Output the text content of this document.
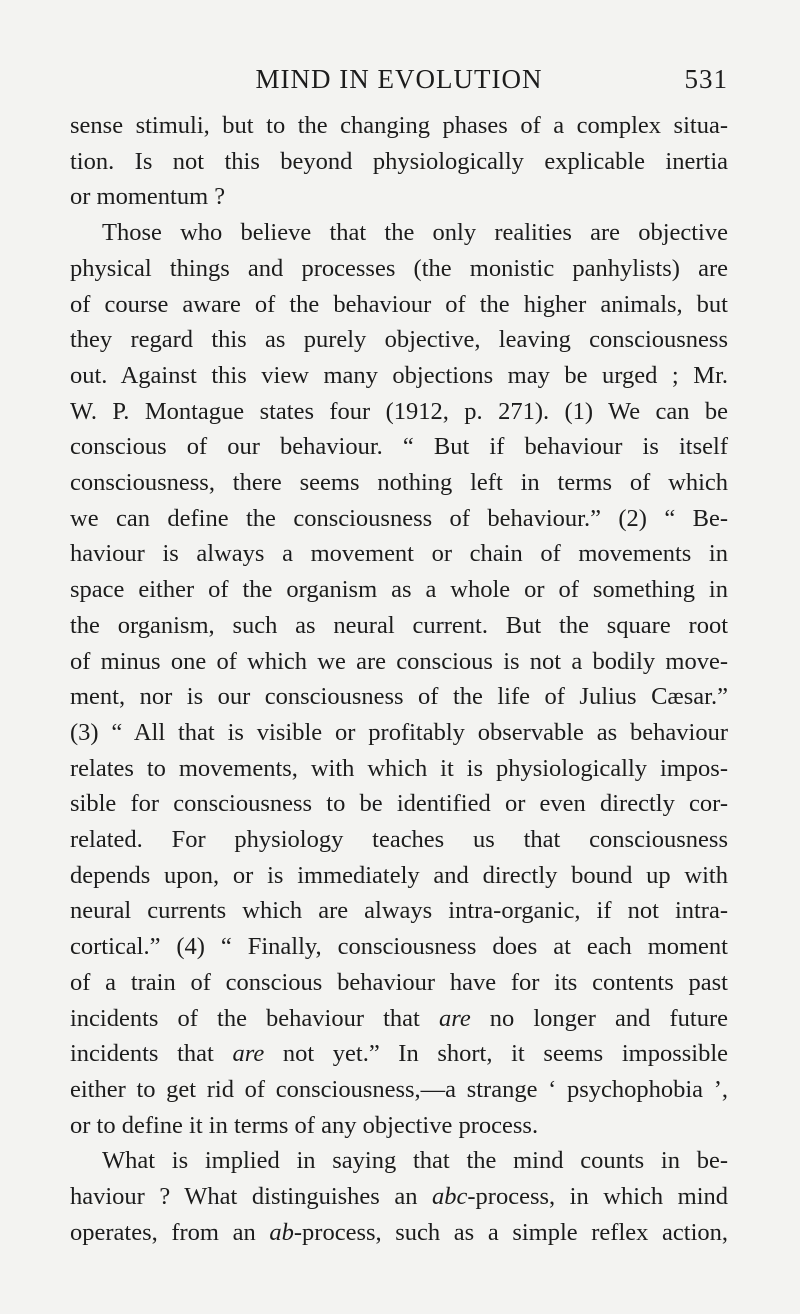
MIND IN EVOLUTION	531
sense stimuli, but to the changing phases of a complex situa-
tion. Is not this beyond physiologically explicable inertia
or momentum ?
Those who believe that the only realities are objective
physical things and processes (the monistic panhylists) are
of course aware of the behaviour of the higher animals, but
they regard this as purely objective, leaving consciousness
out. Against this view many objections may be urged ; Mr.
W. P. Montague states four (1912, p. 271). (1) We can be
conscious of our behaviour. “ But if behaviour is itself
consciousness, there seems nothing left in terms of which
we can define the consciousness of behaviour.” (2) “ Be-
haviour is always a movement or chain of movements in
space either of the organism as a whole or of something in
the organism, such as neural current. But the square root
of minus one of which we are conscious is not a bodily move-
ment, nor is our consciousness of the life of Julius Cæsar.”
(3) “ All that is visible or profitably observable as behaviour
relates to movements, with which it is physiologically impos-
sible for consciousness to be identified or even directly cor-
related. For physiology teaches us that consciousness
depends upon, or is immediately and directly bound up with
neural currents which are always intra-organic, if not intra-
cortical.” (4) “ Finally, consciousness does at each moment
of a train of conscious behaviour have for its contents past
incidents of the behaviour that are no longer and future
incidents that are not yet.” In short, it seems impossible
either to get rid of consciousness,—a strange ‘ psychophobia ’,
or to define it in terms of any objective process.
What is implied in saying that the mind counts in be-
haviour ? What distinguishes an abc-process, in which mind
operates, from an ab-process, such as a simple reflex action,
